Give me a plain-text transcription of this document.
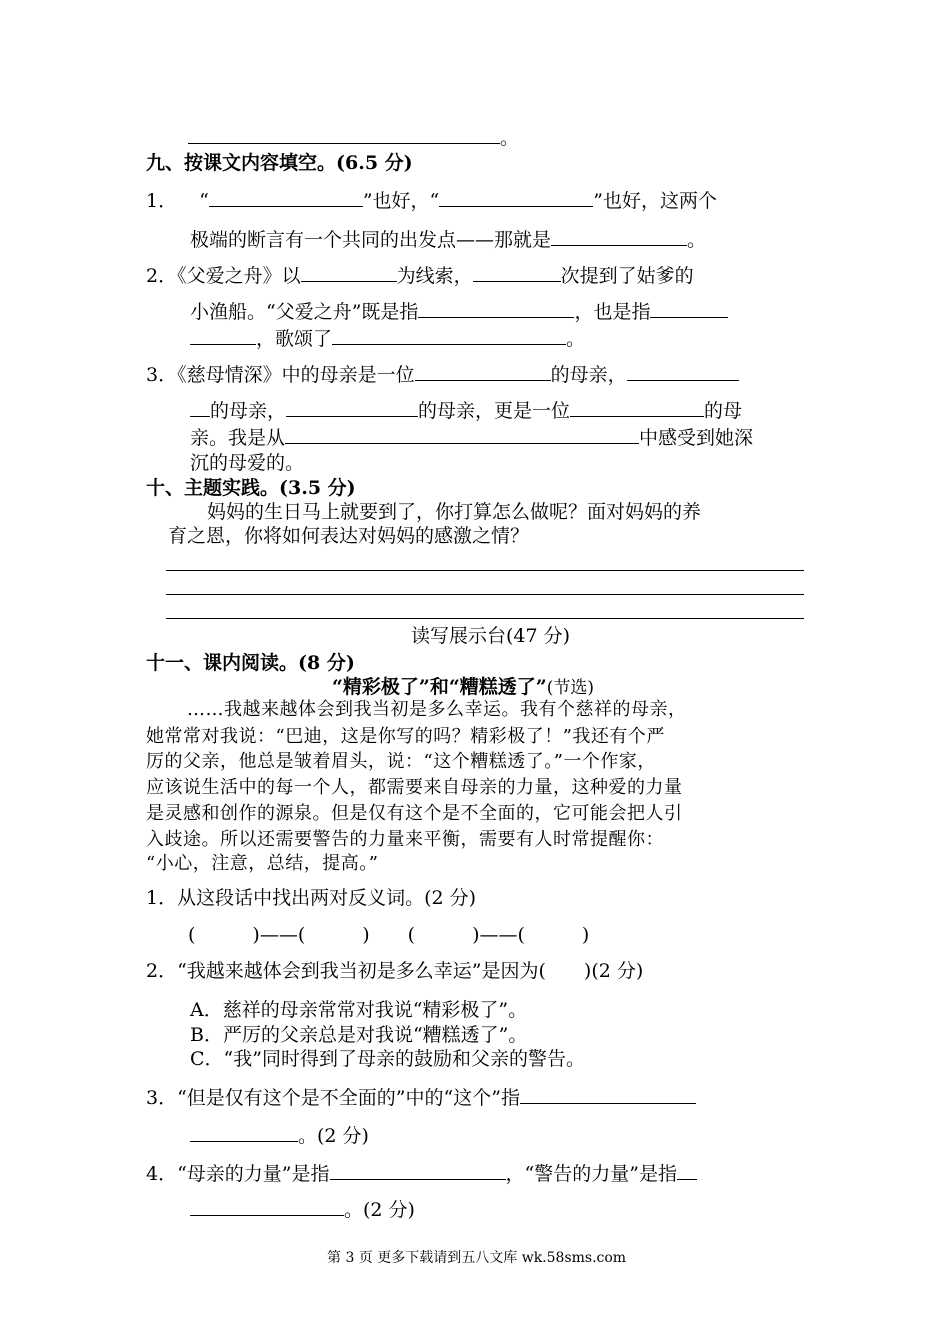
。
九、按课文内容填空。(6.5 分)
1． “	”也好，“	”也好，这两个
极端的断言有一个共同的出发点——那就是	。
2．《父爱之舟》以	为线索，	次提到了姑爹的
小渔船。“父爱之舟”既是指	，也是指
，歌颂了	。
3．《慈母情深》中的母亲是一位	的母亲，
的母亲，	的母亲，更是一位	的母
亲。我是从	中感受到她深
沉的母爱的。
十、主题实践。(3.5 分)
妈妈的生日马上就要到了，你打算怎么做呢？面对妈妈的养
育之恩，你将如何表达对妈妈的感激之情？
读写展示台(47 分)
十一、课内阅读。(8 分)
“精彩极了”和“糟糕透了”(节选)
……我越来越体会到我当初是多么幸运。我有个慈祥的母亲，
她常常对我说：“巴迪，这是你写的吗？精彩极了！”我还有个严
厉的父亲，他总是皱着眉头，说：“这个糟糕透了。”一个作家，
应该说生活中的每一个人，都需要来自母亲的力量，这种爱的力量
是灵感和创作的源泉。但是仅有这个是不全面的，它可能会把人引
入歧途。所以还需要警告的力量来平衡，需要有人时常提醒你：
“小心，注意，总结，提高。”
1．从这段话中找出两对反义词。(2 分)
(　　　)——(　　　)　　(　　　)——(　　　)
2．“我越来越体会到我当初是多么幸运”是因为(　　)(2 分)
A．慈祥的母亲常常对我说“精彩极了”。
B．严厉的父亲总是对我说“糟糕透了”。
C．“我”同时得到了母亲的鼓励和父亲的警告。
3．“但是仅有这个是不全面的”中的“这个”指
。(2 分)
4．“母亲的力量”是指	，“警告的力量”是指
。(2 分)
第 3 页 更多下载请到五八文库 wk.58sms.com
